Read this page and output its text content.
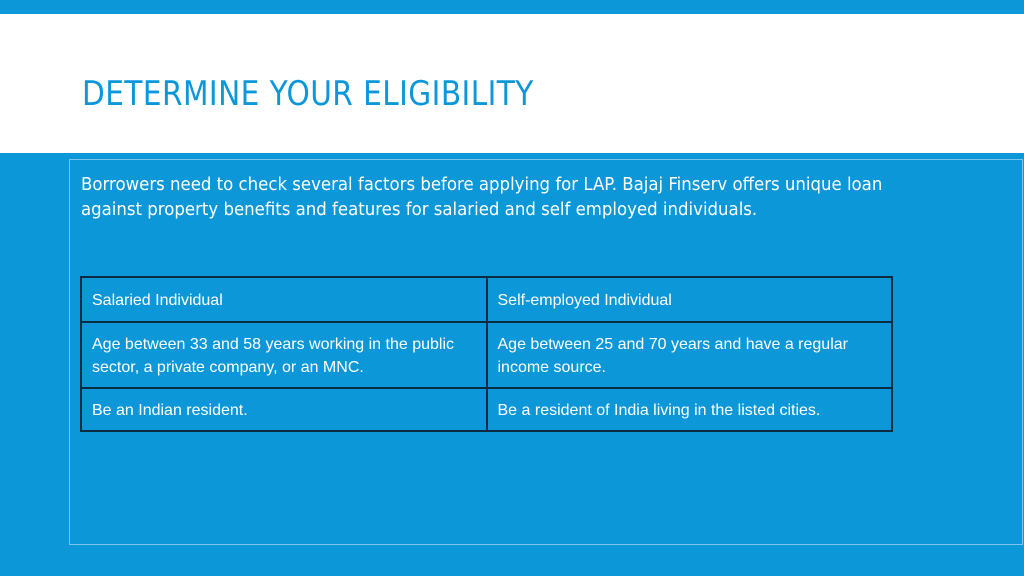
DETERMINE YOUR ELIGIBILITY

Borrowers need to check several factors before applying for LAP. Bajaj Finserv offers unique loan
against property benefits and features for salaried and self employed individuals.

Salaried Individual	Self-employed Individual
Age between 33 and 58 years working in the public sector, a private company, or an MNC.	Age between 25 and 70 years and have a regular income source.
Be an Indian resident.	Be a resident of India living in the listed cities.
